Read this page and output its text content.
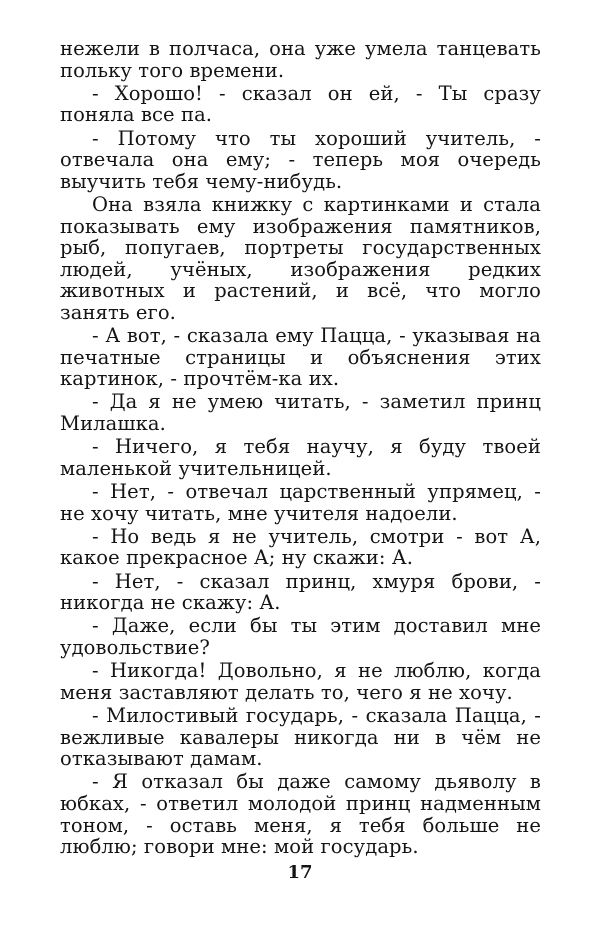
нежели в полчаса, она уже умела танцевать польку того времени.

- Хорошо! - сказал он ей, - Ты сразу поняла все па.

- Потому что ты хороший учитель, - отвечала она ему; - теперь моя очередь выучить тебя чему-нибудь.

Она взяла книжку с картинками и стала показывать ему изображения памятников, рыб, попугаев, портреты государственных людей, учёных, изображения редких животных и растений, и всё, что могло занять его.

- А вот, - сказала ему Пацца, - указывая на печатные страницы и объяснения этих картинок, - прочтём-ка их.

- Да я не умею читать, - заметил принц Милашка.

- Ничего, я тебя научу, я буду твоей маленькой учительницей.

- Нет, - отвечал царственный упрямец, - не хочу читать, мне учителя надоели.

- Но ведь я не учитель, смотри - вот А, какое прекрасное А; ну скажи: А.

- Нет, - сказал принц, хмуря брови, - никогда не скажу: А.

- Даже, если бы ты этим доставил мне удовольствие?

- Никогда! Довольно, я не люблю, когда меня заставляют делать то, чего я не хочу.

- Милостивый государь, - сказала Пацца, - вежливые кавалеры никогда ни в чём не отказывают дамам.

- Я отказал бы даже самому дьяволу в юбках, - ответил молодой принц надменным тоном, - оставь меня, я тебя больше не люблю; говори мне: мой государь.

17
